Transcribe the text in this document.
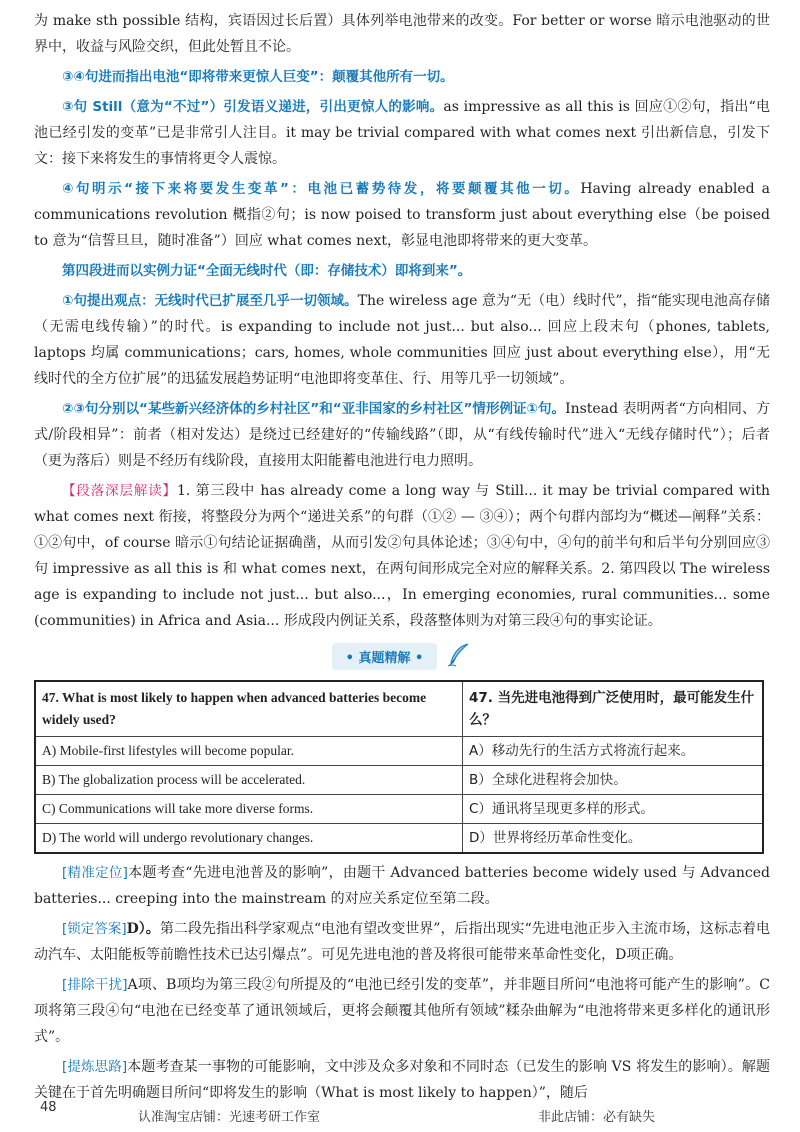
为 make sth possible 结构，宾语因过长后置）具体列举电池带来的改变。For better or worse 暗示电池驱动的世界中，收益与风险交织，但此处暂且不论。

③④句进而指出电池“即将带来更惊人巨变”：颠覆其他所有一切。

③句 Still（意为“不过”）引发语义递进，引出更惊人的影响。as impressive as all this is 回应①②句，指出“电池已经引发的变革”已是非常引人注目。it may be trivial compared with what comes next 引出新信息，引发下文：接下来将发生的事情将更令人震惊。

④句明示“接下来将要发生变革”：电池已蓄势待发，将要颠覆其他一切。Having already enabled a communications revolution 概指②句；is now poised to transform just about everything else（be poised to 意为“信誓旦旦，随时准备”）回应 what comes next，彰显电池即将带来的更大变革。

第四段进而以实例力证“全面无线时代（即：存储技术）即将到来”。

①句提出观点：无线时代已扩展至几乎一切领域。The wireless age 意为“无（电）线时代”，指“能实现电池高存储（无需电线传输）”的时代。is expanding to include not just... but also... 回应上段末句（phones, tablets, laptops 均属 communications；cars, homes, whole communities 回应 just about everything else），用“无线时代的全方位扩展”的迅猛发展趋势证明“电池即将变革住、行、用等几乎一切领域”。

②③句分别以“某些新兴经济体的乡村社区”和“亚非国家的乡村社区”情形例证①句。Instead 表明两者“方向相同、方式/阶段相异”：前者（相对发达）是绕过已经建好的“传输线路”（即，从“有线传输时代”进入“无线存储时代”）；后者（更为落后）则是不经历有线阶段，直接用太阳能蓄电池进行电力照明。

【段落深层解读】1. 第三段中 has already come a long way 与 Still... it may be trivial compared with what comes next 衔接，将整段分为两个“递进关系”的句群（①② — ③④）；两个句群内部均为“概述—阐释”关系：①②句中，of course 暗示①句结论证据确凿，从而引发②句具体论述；③④句中，④句的前半句和后半句分别回应③句 impressive as all this is 和 what comes next，在两句间形成完全对应的解释关系。2. 第四段以 The wireless age is expanding to include not just... but also...，In emerging economies, rural communities... some (communities) in Africa and Asia... 形成段内例证关系，段落整体则为对第三段④句的事实论证。

• 真题精解 •
47. What is most likely to happen when advanced batteries become widely used?	47. 当先进电池得到广泛使用时，最可能发生什么？
A) Mobile-first lifestyles will become popular.	A）移动先行的生活方式将流行起来。
B) The globalization process will be accelerated.	B）全球化进程将会加快。
C) Communications will take more diverse forms.	C）通讯将呈现更多样的形式。
D) The world will undergo revolutionary changes.	D）世界将经历革命性变化。

[精准定位]本题考查“先进电池普及的影响”，由题干 Advanced batteries become widely used 与 Advanced batteries... creeping into the mainstream 的对应关系定位至第二段。

[锁定答案]D）。第二段先指出科学家观点“电池有望改变世界”，后指出现实“先进电池正步入主流市场，这标志着电动汽车、太阳能板等前瞻性技术已达引爆点”。可见先进电池的普及将很可能带来革命性变化，D项正确。

[排除干扰]A项、B项均为第三段②句所提及的“电池已经引发的变革”，并非题目所问“电池将可能产生的影响”。C项将第三段④句“电池在已经变革了通讯领域后，更将会颠覆其他所有领域”糅杂曲解为“电池将带来更多样化的通讯形式”。

[提炼思路]本题考查某一事物的可能影响，文中涉及众多对象和不同时态（已发生的影响 VS 将发生的影响）。解题关键在于首先明确题目所问“即将发生的影响（What is most likely to happen）”，随后

48
认准淘宝店铺：光速考研工作室	非此店铺：必有缺失
